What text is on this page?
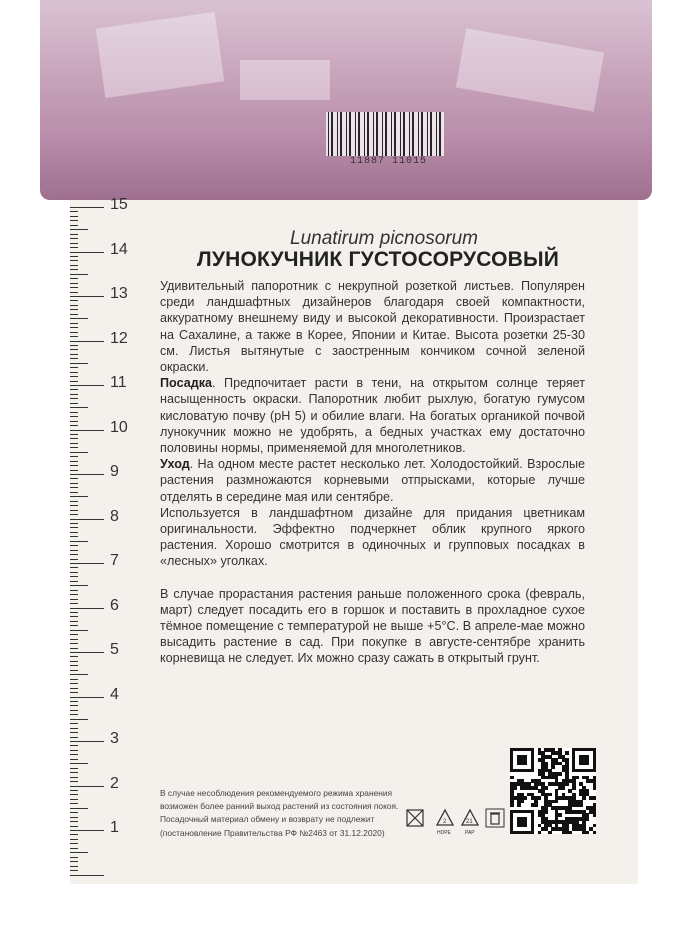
11887 11015
15
14
13
12
11
10
9
8
7
6
5
4
3
2
1
Lunatirum picnosorum
ЛУНОКУЧНИК ГУСТОСОРУСОВЫЙ

Удивительный папоротник с некрупной розеткой листьев. Популярен среди ландшафтных дизайнеров благодаря своей компактности, аккуратному внешнему виду и высокой декоративности. Произрастает на Сахалине, а также в Корее, Японии и Китае. Высота розетки 25-30 см. Листья вытянутые с заостренным кончиком сочной зеленой окраски.

Посадка. Предпочитает расти в тени, на открытом солнце теряет насыщенность окраски. Папоротник любит рыхлую, богатую гумусом кисловатую почву (pH 5) и обилие влаги. На богатых органикой почвой лунокучник можно не удобрять, а бедных участках ему достаточно половины нормы, применяемой для многолетников.

Уход. На одном месте растет несколько лет. Холодостойкий. Взрослые растения размножаются корневыми отпрысками, которые лучше отделять в середине мая или сентябре.

Используется в ландшафтном дизайне для придания цветникам оригинальности. Эффектно подчеркнет облик крупного яркого растения. Хорошо смотрится в одиночных и групповых посадках в «лесных» уголках.

В случае прорастания растения раньше положенного срока (февраль, март) следует посадить его в горшок и поставить в прохладное сухое тёмное помещение с температурой не выше +5°С. В апреле-мае можно высадить растение в сад. При покупке в августе-сентябре хранить корневища не следует. Их можно сразу сажать в открытый грунт.

В случае несоблюдения рекомендуемого режима хранения
возможен более ранний выход растений из состояния покоя.
Посадочный материал обмену и возврату не подлежит
(постановление Правительства РФ №2463 от 31.12.2020)
2
HDPE
21
PAP
